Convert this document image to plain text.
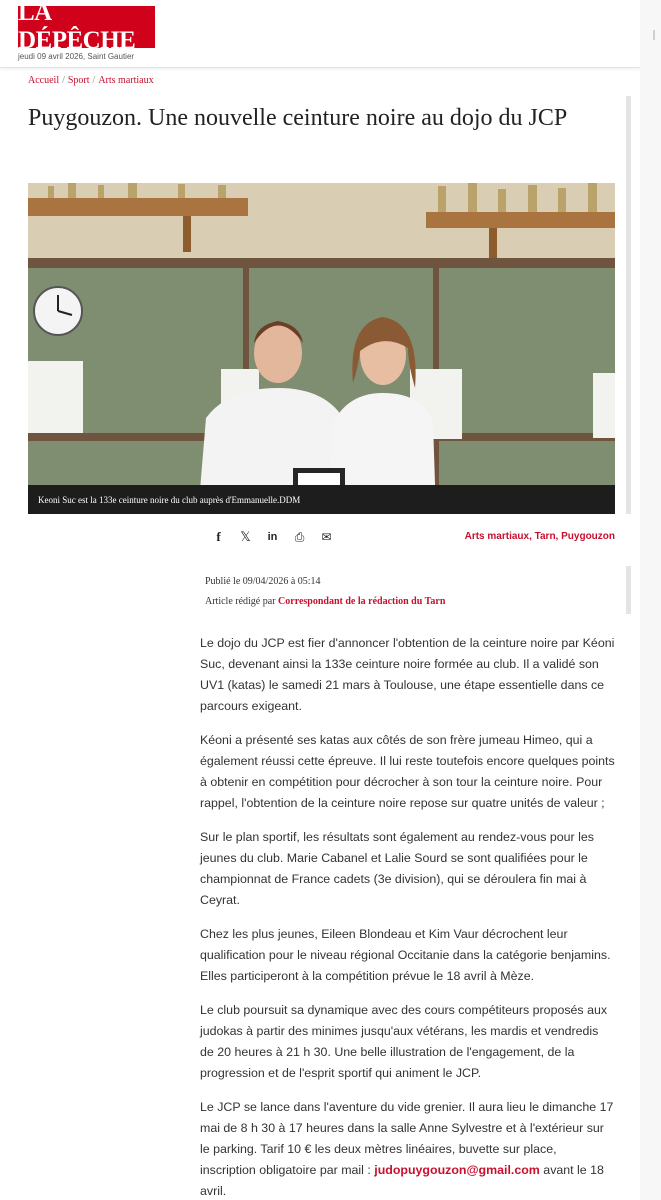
LA DÉPÊCHE
jeudi 09 avril 2026, Saint Gautier
Accueil / Sport / Arts martiaux
Puygouzon. Une nouvelle ceinture noire au dojo du JCP
Keoni Suc est la 133e ceinture noire du club auprès d'Emmanuelle.DDM
f	𝕏	in	⎙	✉	Arts martiaux, Tarn, Puygouzon
Publié le 09/04/2026 à 05:14
Article rédigé par Correspondant de la rédaction du Tarn

Le dojo du JCP est fier d'annoncer l'obtention de la ceinture noire par Kéoni Suc, devenant ainsi la 133e ceinture noire formée au club. Il a validé son UV1 (katas) le samedi 21 mars à Toulouse, une étape essentielle dans ce parcours exigeant.

Kéoni a présenté ses katas aux côtés de son frère jumeau Himeo, qui a également réussi cette épreuve. Il lui reste toutefois encore quelques points à obtenir en compétition pour décrocher à son tour la ceinture noire. Pour rappel, l'obtention de la ceinture noire repose sur quatre unités de valeur ;

Sur le plan sportif, les résultats sont également au rendez-vous pour les jeunes du club. Marie Cabanel et Lalie Sourd se sont qualifiées pour le championnat de France cadets (3e division), qui se déroulera fin mai à Ceyrat.

Chez les plus jeunes, Eileen Blondeau et Kim Vaur décrochent leur qualification pour le niveau régional Occitanie dans la catégorie benjamins. Elles participeront à la compétition prévue le 18 avril à Mèze.

Le club poursuit sa dynamique avec des cours compétiteurs proposés aux judokas à partir des minimes jusqu'aux vétérans, les mardis et vendredis de 20 heures à 21 h 30. Une belle illustration de l'engagement, de la progression et de l'esprit sportif qui animent le JCP.

Le JCP se lance dans l'aventure du vide grenier. Il aura lieu le dimanche 17 mai de 8 h 30 à 17 heures dans la salle Anne Sylvestre et à l'extérieur sur le parking. Tarif 10 € les deux mètres linéaires, buvette sur place, inscription obligatoire par mail : judopuygouzon@gmail.com avant le 18 avril.
